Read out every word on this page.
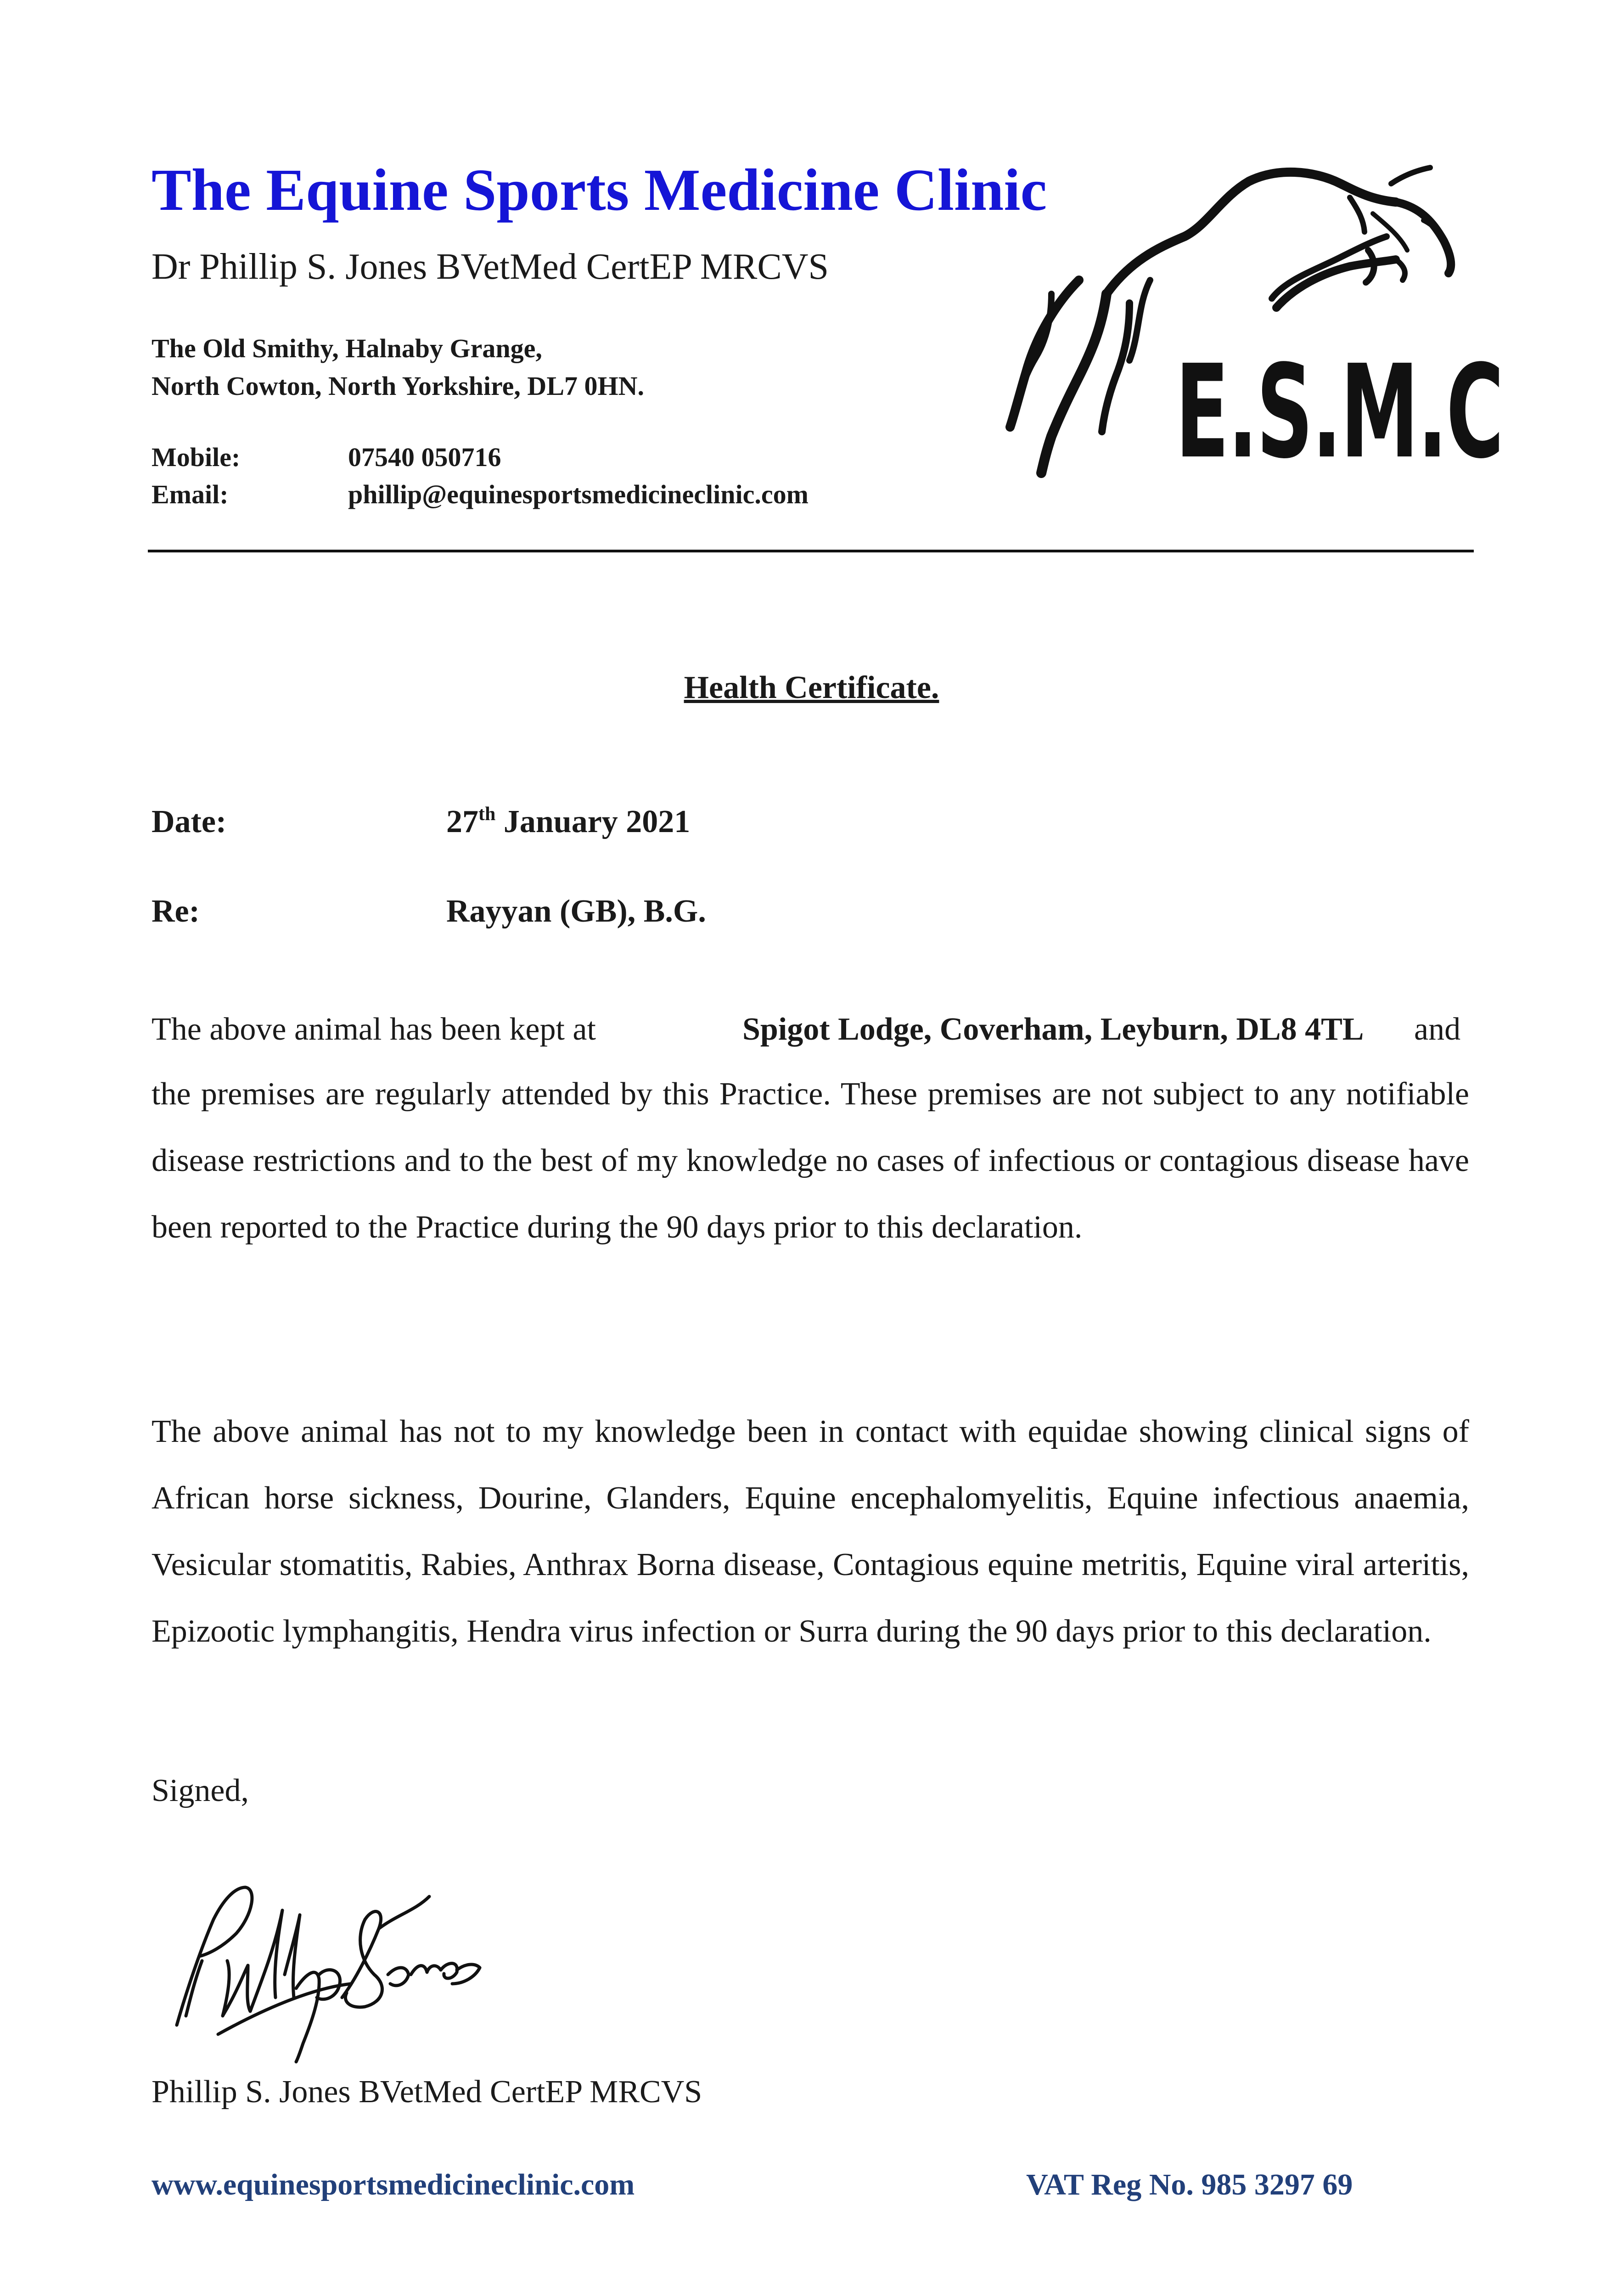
The Equine Sports Medicine Clinic
Dr Phillip S. Jones BVetMed CertEP MRCVS
The Old Smithy, Halnaby Grange,
North Cowton, North Yorkshire, DL7 0HN.
Mobile:	07540 050716
Email:	phillip@equinesportsmedicineclinic.com
E.S.M.C
Health Certificate.
Date:	27th January 2021
Re:	Rayyan (GB), B.G.
The above animal has been kept at	Spigot Lodge, Coverham, Leyburn, DL8 4TL and
the premises are regularly attended by this Practice. These premises are not subject to any notifiable disease restrictions and to the best of my knowledge no cases of infectious or contagious disease have been reported to the Practice during the 90 days prior to this declaration.
The above animal has not to my knowledge been in contact with equidae showing clinical signs of African horse sickness, Dourine, Glanders, Equine encephalomyelitis, Equine infectious anaemia, Vesicular stomatitis, Rabies, Anthrax Borna disease, Contagious equine metritis, Equine viral arteritis, Epizootic lymphangitis, Hendra virus infection or Surra during the 90 days prior to this declaration.
Signed,
Phillip S. Jones BVetMed CertEP MRCVS
www.equinesportsmedicineclinic.com	VAT Reg No. 985 3297 69
